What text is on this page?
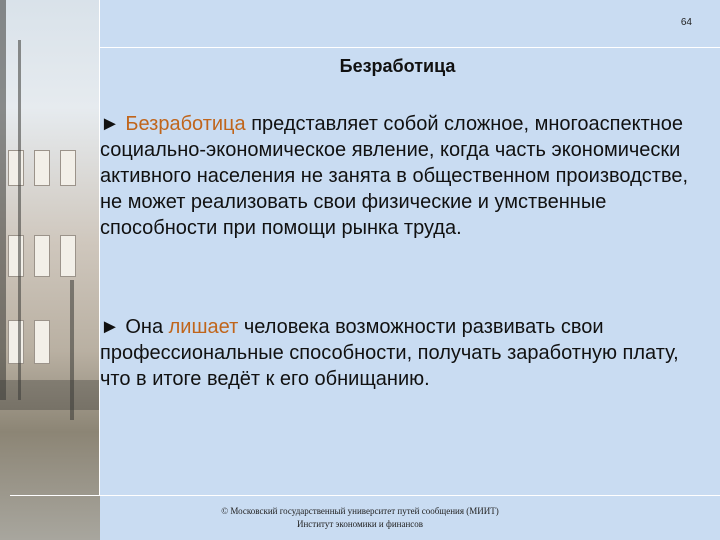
64
Безработица
► Безработица представляет собой сложное, многоаспектное социально-экономическое явление, когда часть экономически активного населения не занята в общественном производстве, не может реализовать свои физические и умственные способности при помощи рынка труда.
► Она лишает человека возможности развивать свои профессиональные способности, получать заработную плату, что в итоге ведёт к его обнищанию.
© Московский государственный университет путей сообщения (МИИТ)
Институт экономики и финансов
